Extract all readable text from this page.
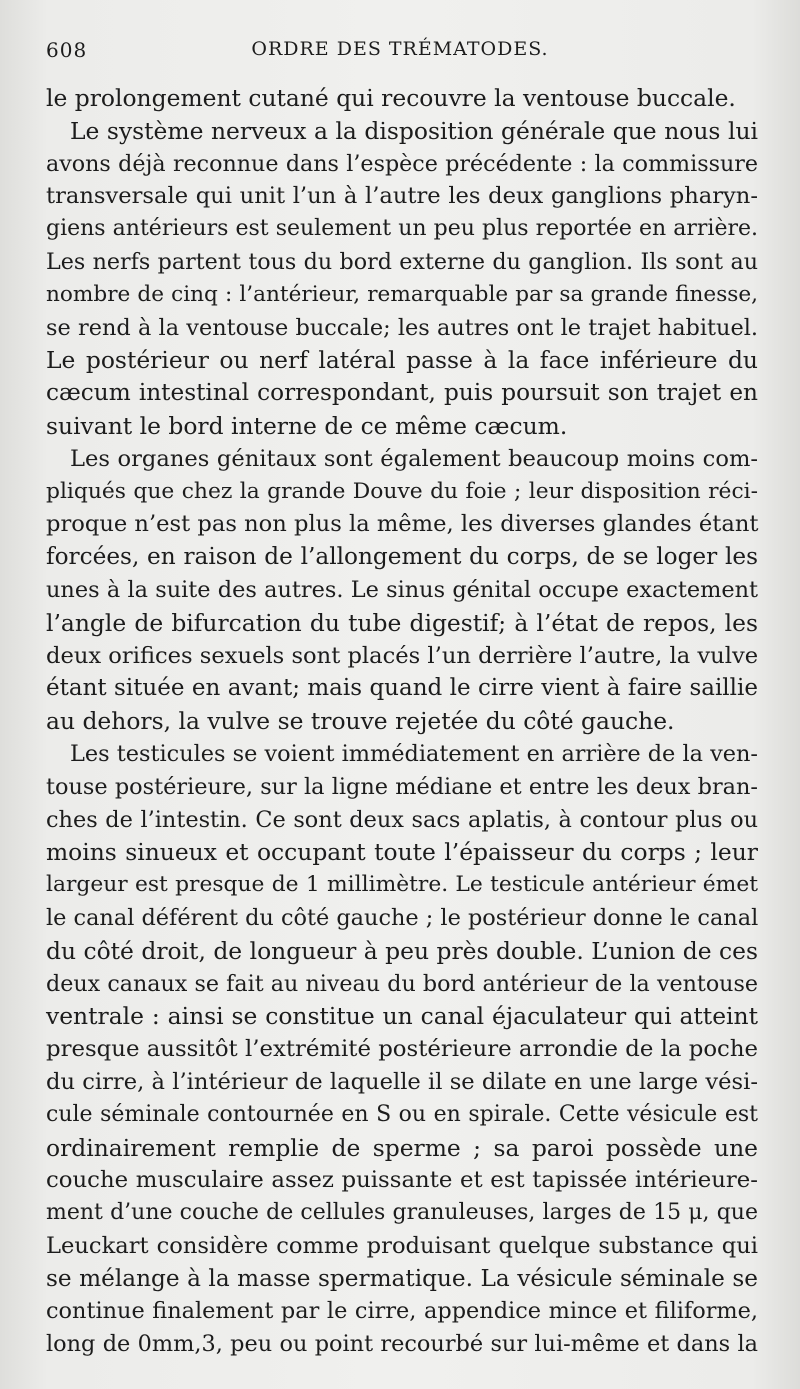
608	ORDRE DES TRÉMATODES.
le prolongement cutané qui recouvre la ventouse buccale.
Le système nerveux a la disposition générale que nous lui
avons déjà reconnue dans l’espèce précédente : la commissure
transversale qui unit l’un à l’autre les deux ganglions pharyn-
giens antérieurs est seulement un peu plus reportée en arrière.
Les nerfs partent tous du bord externe du ganglion. Ils sont au
nombre de cinq : l’antérieur, remarquable par sa grande finesse,
se rend à la ventouse buccale; les autres ont le trajet habituel.
Le postérieur ou nerf latéral passe à la face inférieure du
cæcum intestinal correspondant, puis poursuit son trajet en
suivant le bord interne de ce même cæcum.
Les organes génitaux sont également beaucoup moins com-
pliqués que chez la grande Douve du foie ; leur disposition réci-
proque n’est pas non plus la même, les diverses glandes étant
forcées, en raison de l’allongement du corps, de se loger les
unes à la suite des autres. Le sinus génital occupe exactement
l’angle de bifurcation du tube digestif; à l’état de repos, les
deux orifices sexuels sont placés l’un derrière l’autre, la vulve
étant située en avant; mais quand le cirre vient à faire saillie
au dehors, la vulve se trouve rejetée du côté gauche.
Les testicules se voient immédiatement en arrière de la ven-
touse postérieure, sur la ligne médiane et entre les deux bran-
ches de l’intestin. Ce sont deux sacs aplatis, à contour plus ou
moins sinueux et occupant toute l’épaisseur du corps ; leur
largeur est presque de 1 millimètre. Le testicule antérieur émet
le canal déférent du côté gauche ; le postérieur donne le canal
du côté droit, de longueur à peu près double. L’union de ces
deux canaux se fait au niveau du bord antérieur de la ventouse
ventrale : ainsi se constitue un canal éjaculateur qui atteint
presque aussitôt l’extrémité postérieure arrondie de la poche
du cirre, à l’intérieur de laquelle il se dilate en une large vési-
cule séminale contournée en S ou en spirale. Cette vésicule est
ordinairement remplie de sperme ; sa paroi possède une
couche musculaire assez puissante et est tapissée intérieure-
ment d’une couche de cellules granuleuses, larges de 15 μ, que
Leuckart considère comme produisant quelque substance qui
se mélange à la masse spermatique. La vésicule séminale se
continue finalement par le cirre, appendice mince et filiforme,
long de 0mm,3, peu ou point recourbé sur lui-même et dans la
